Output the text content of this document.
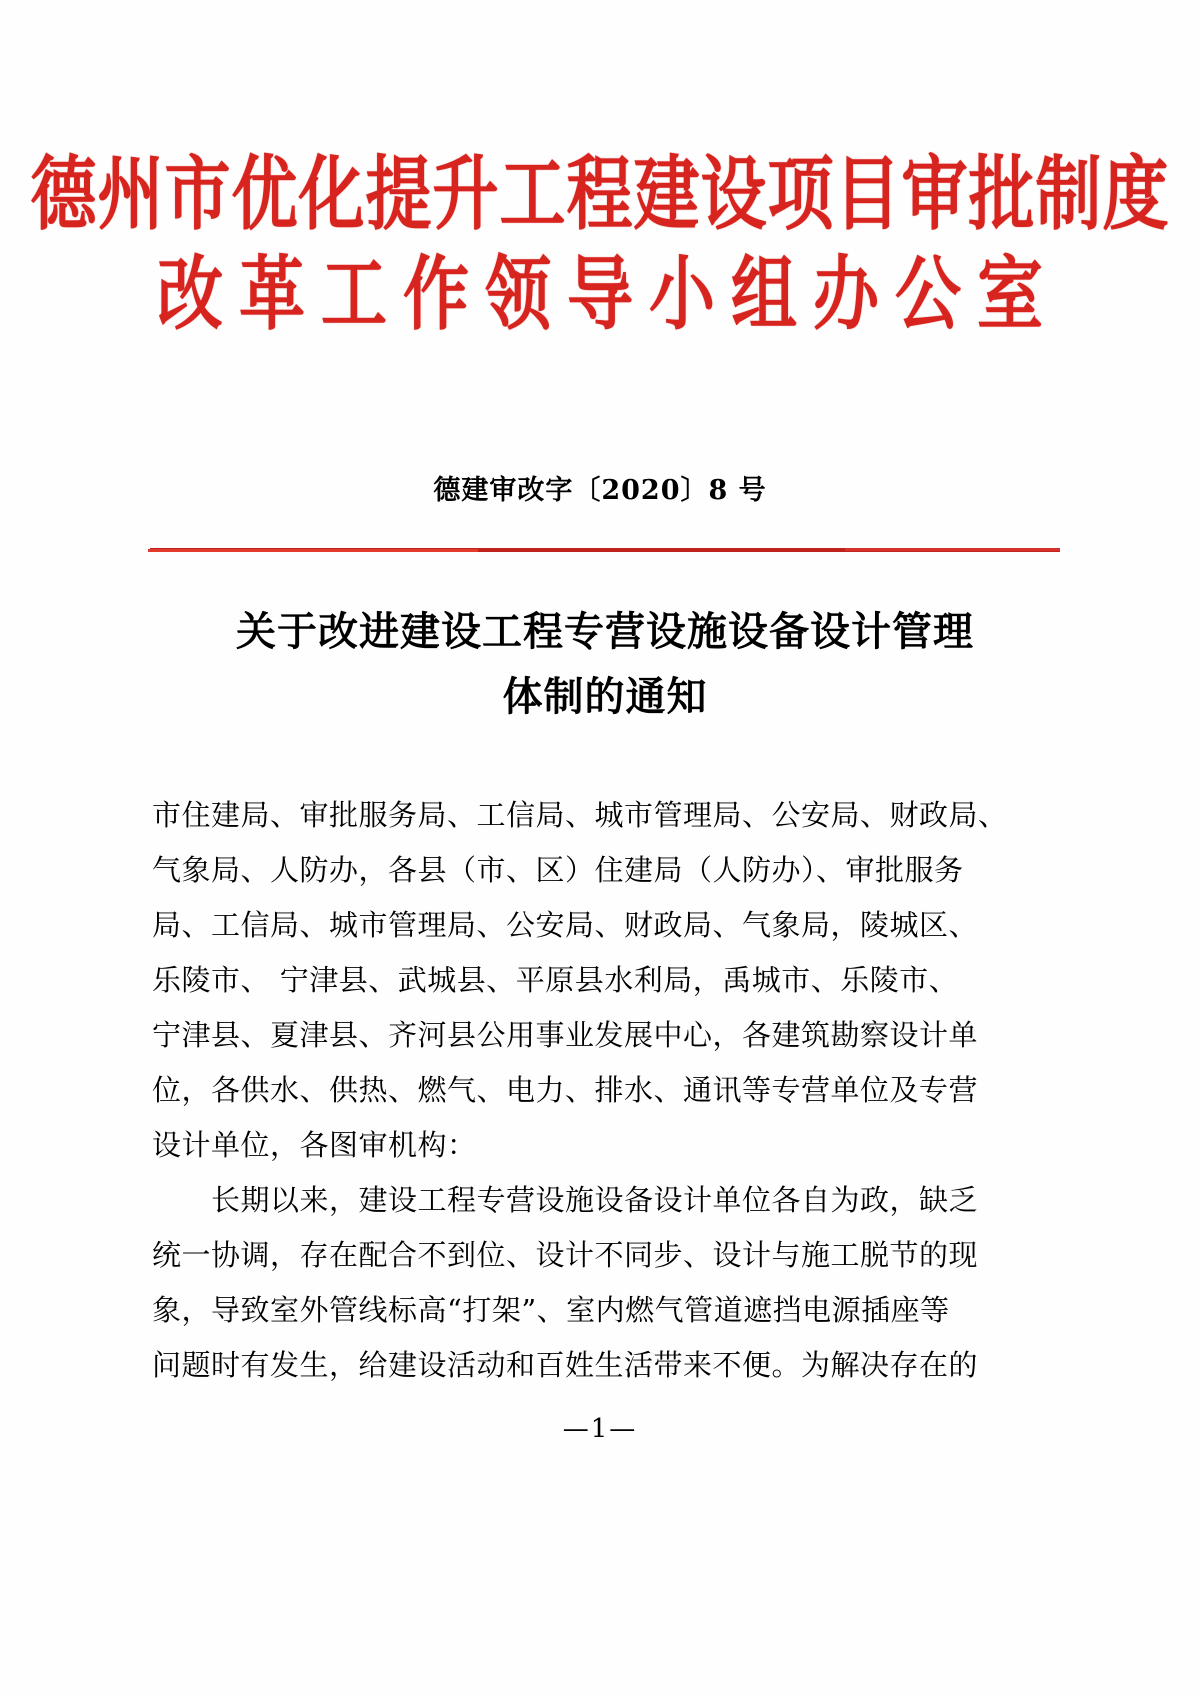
德州市优化提升工程建设项目审批制度
改革工作领导小组办公室
德建审改字〔2020〕8 号
关于改进建设工程专营设施设备设计管理
体制的通知
市住建局、审批服务局、工信局、城市管理局、公安局、财政局、
气象局、人防办，各县（市、区）住建局（人防办）、审批服务
局、工信局、城市管理局、公安局、财政局、气象局，陵城区、
乐陵市、 宁津县、武城县、平原县水利局，禹城市、乐陵市、
宁津县、夏津县、齐河县公用事业发展中心，各建筑勘察设计单
位，各供水、供热、燃气、电力、排水、通讯等专营单位及专营
设计单位，各图审机构：
　　长期以来，建设工程专营设施设备设计单位各自为政，缺乏
统一协调，存在配合不到位、设计不同步、设计与施工脱节的现
象，导致室外管线标高“打架”、室内燃气管道遮挡电源插座等
问题时有发生，给建设活动和百姓生活带来不便。为解决存在的
—1—
